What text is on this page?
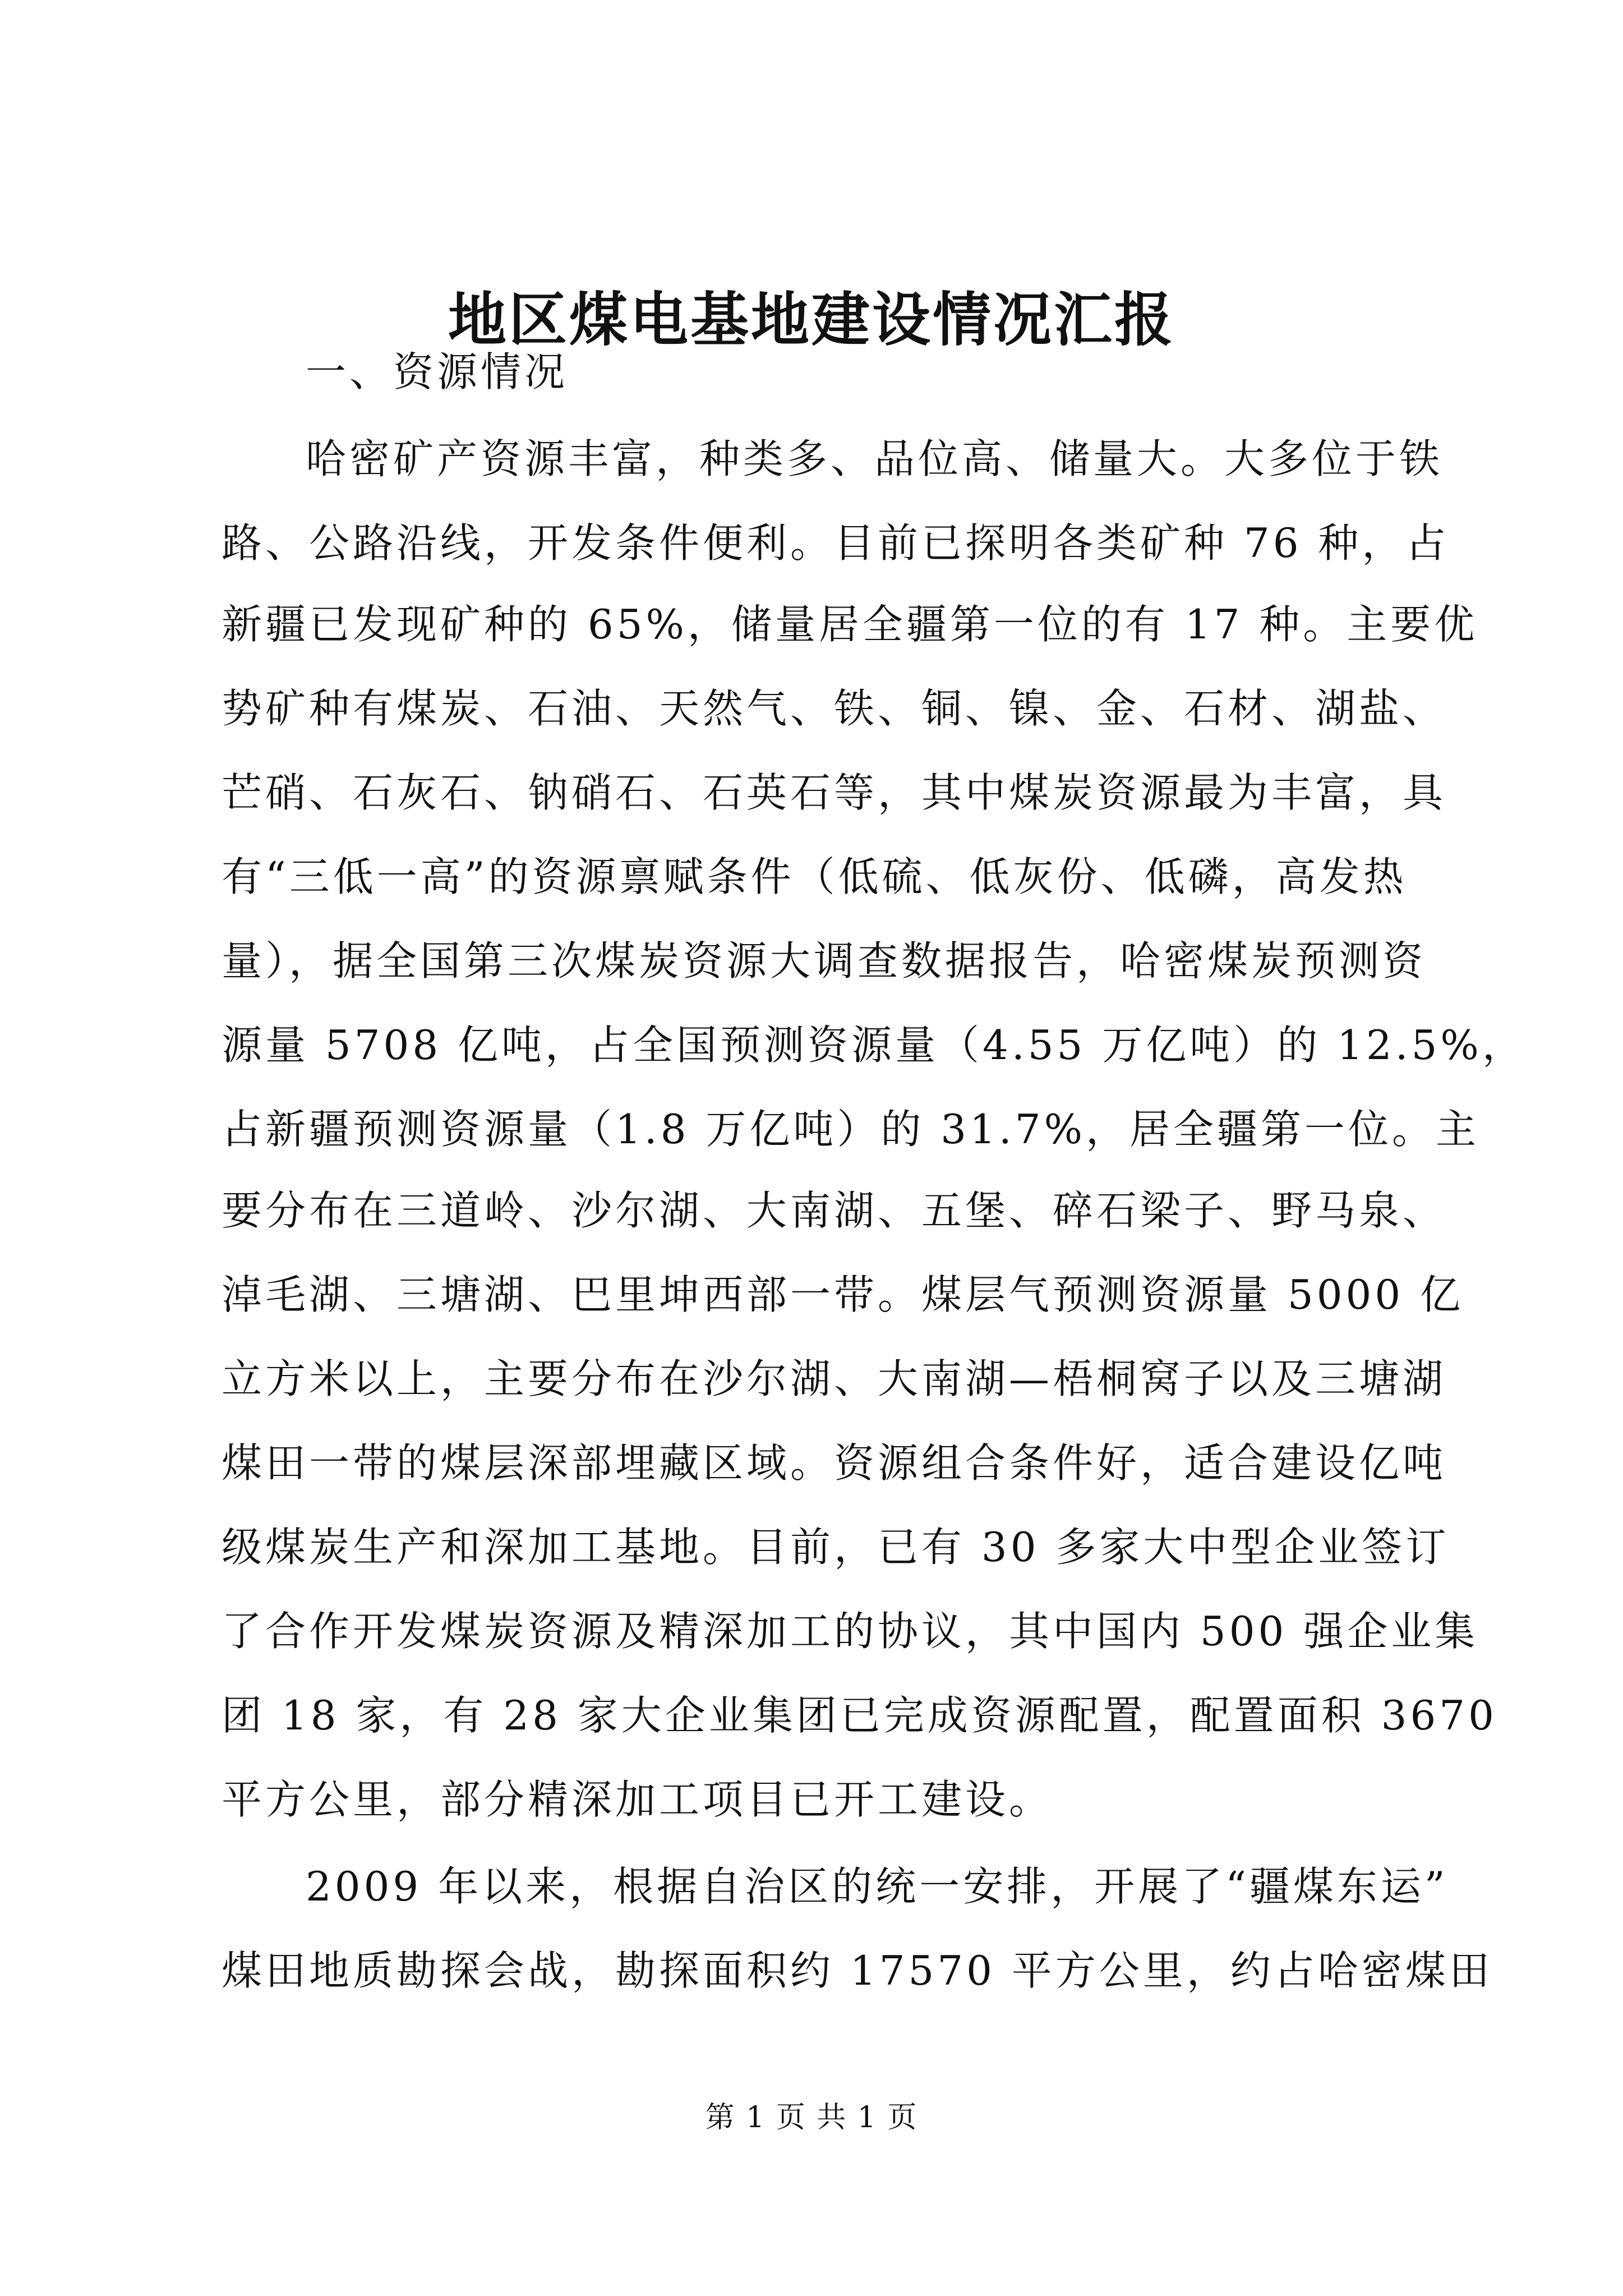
地区煤电基地建设情况汇报
一、资源情况
哈密矿产资源丰富，种类多、品位高、储量大。大多位于铁
路、公路沿线，开发条件便利。目前已探明各类矿种 76 种，占
新疆已发现矿种的 65%，储量居全疆第一位的有 17 种。主要优
势矿种有煤炭、石油、天然气、铁、铜、镍、金、石材、湖盐、
芒硝、石灰石、钠硝石、石英石等，其中煤炭资源最为丰富，具
有“三低一高”的资源禀赋条件（低硫、低灰份、低磷，高发热
量），据全国第三次煤炭资源大调查数据报告，哈密煤炭预测资
源量 5708 亿吨，占全国预测资源量（4.55 万亿吨）的 12.5%，
占新疆预测资源量（1.8 万亿吨）的 31.7%，居全疆第一位。主
要分布在三道岭、沙尔湖、大南湖、五堡、碎石梁子、野马泉、
淖毛湖、三塘湖、巴里坤西部一带。煤层气预测资源量 5000 亿
立方米以上，主要分布在沙尔湖、大南湖—梧桐窝子以及三塘湖
煤田一带的煤层深部埋藏区域。资源组合条件好，适合建设亿吨
级煤炭生产和深加工基地。目前，已有 30 多家大中型企业签订
了合作开发煤炭资源及精深加工的协议，其中国内 500 强企业集
团 18 家，有 28 家大企业集团已完成资源配置，配置面积 3670
平方公里，部分精深加工项目已开工建设。
2009 年以来，根据自治区的统一安排，开展了“疆煤东运”
煤田地质勘探会战，勘探面积约 17570 平方公里，约占哈密煤田
第 1 页 共 1 页
